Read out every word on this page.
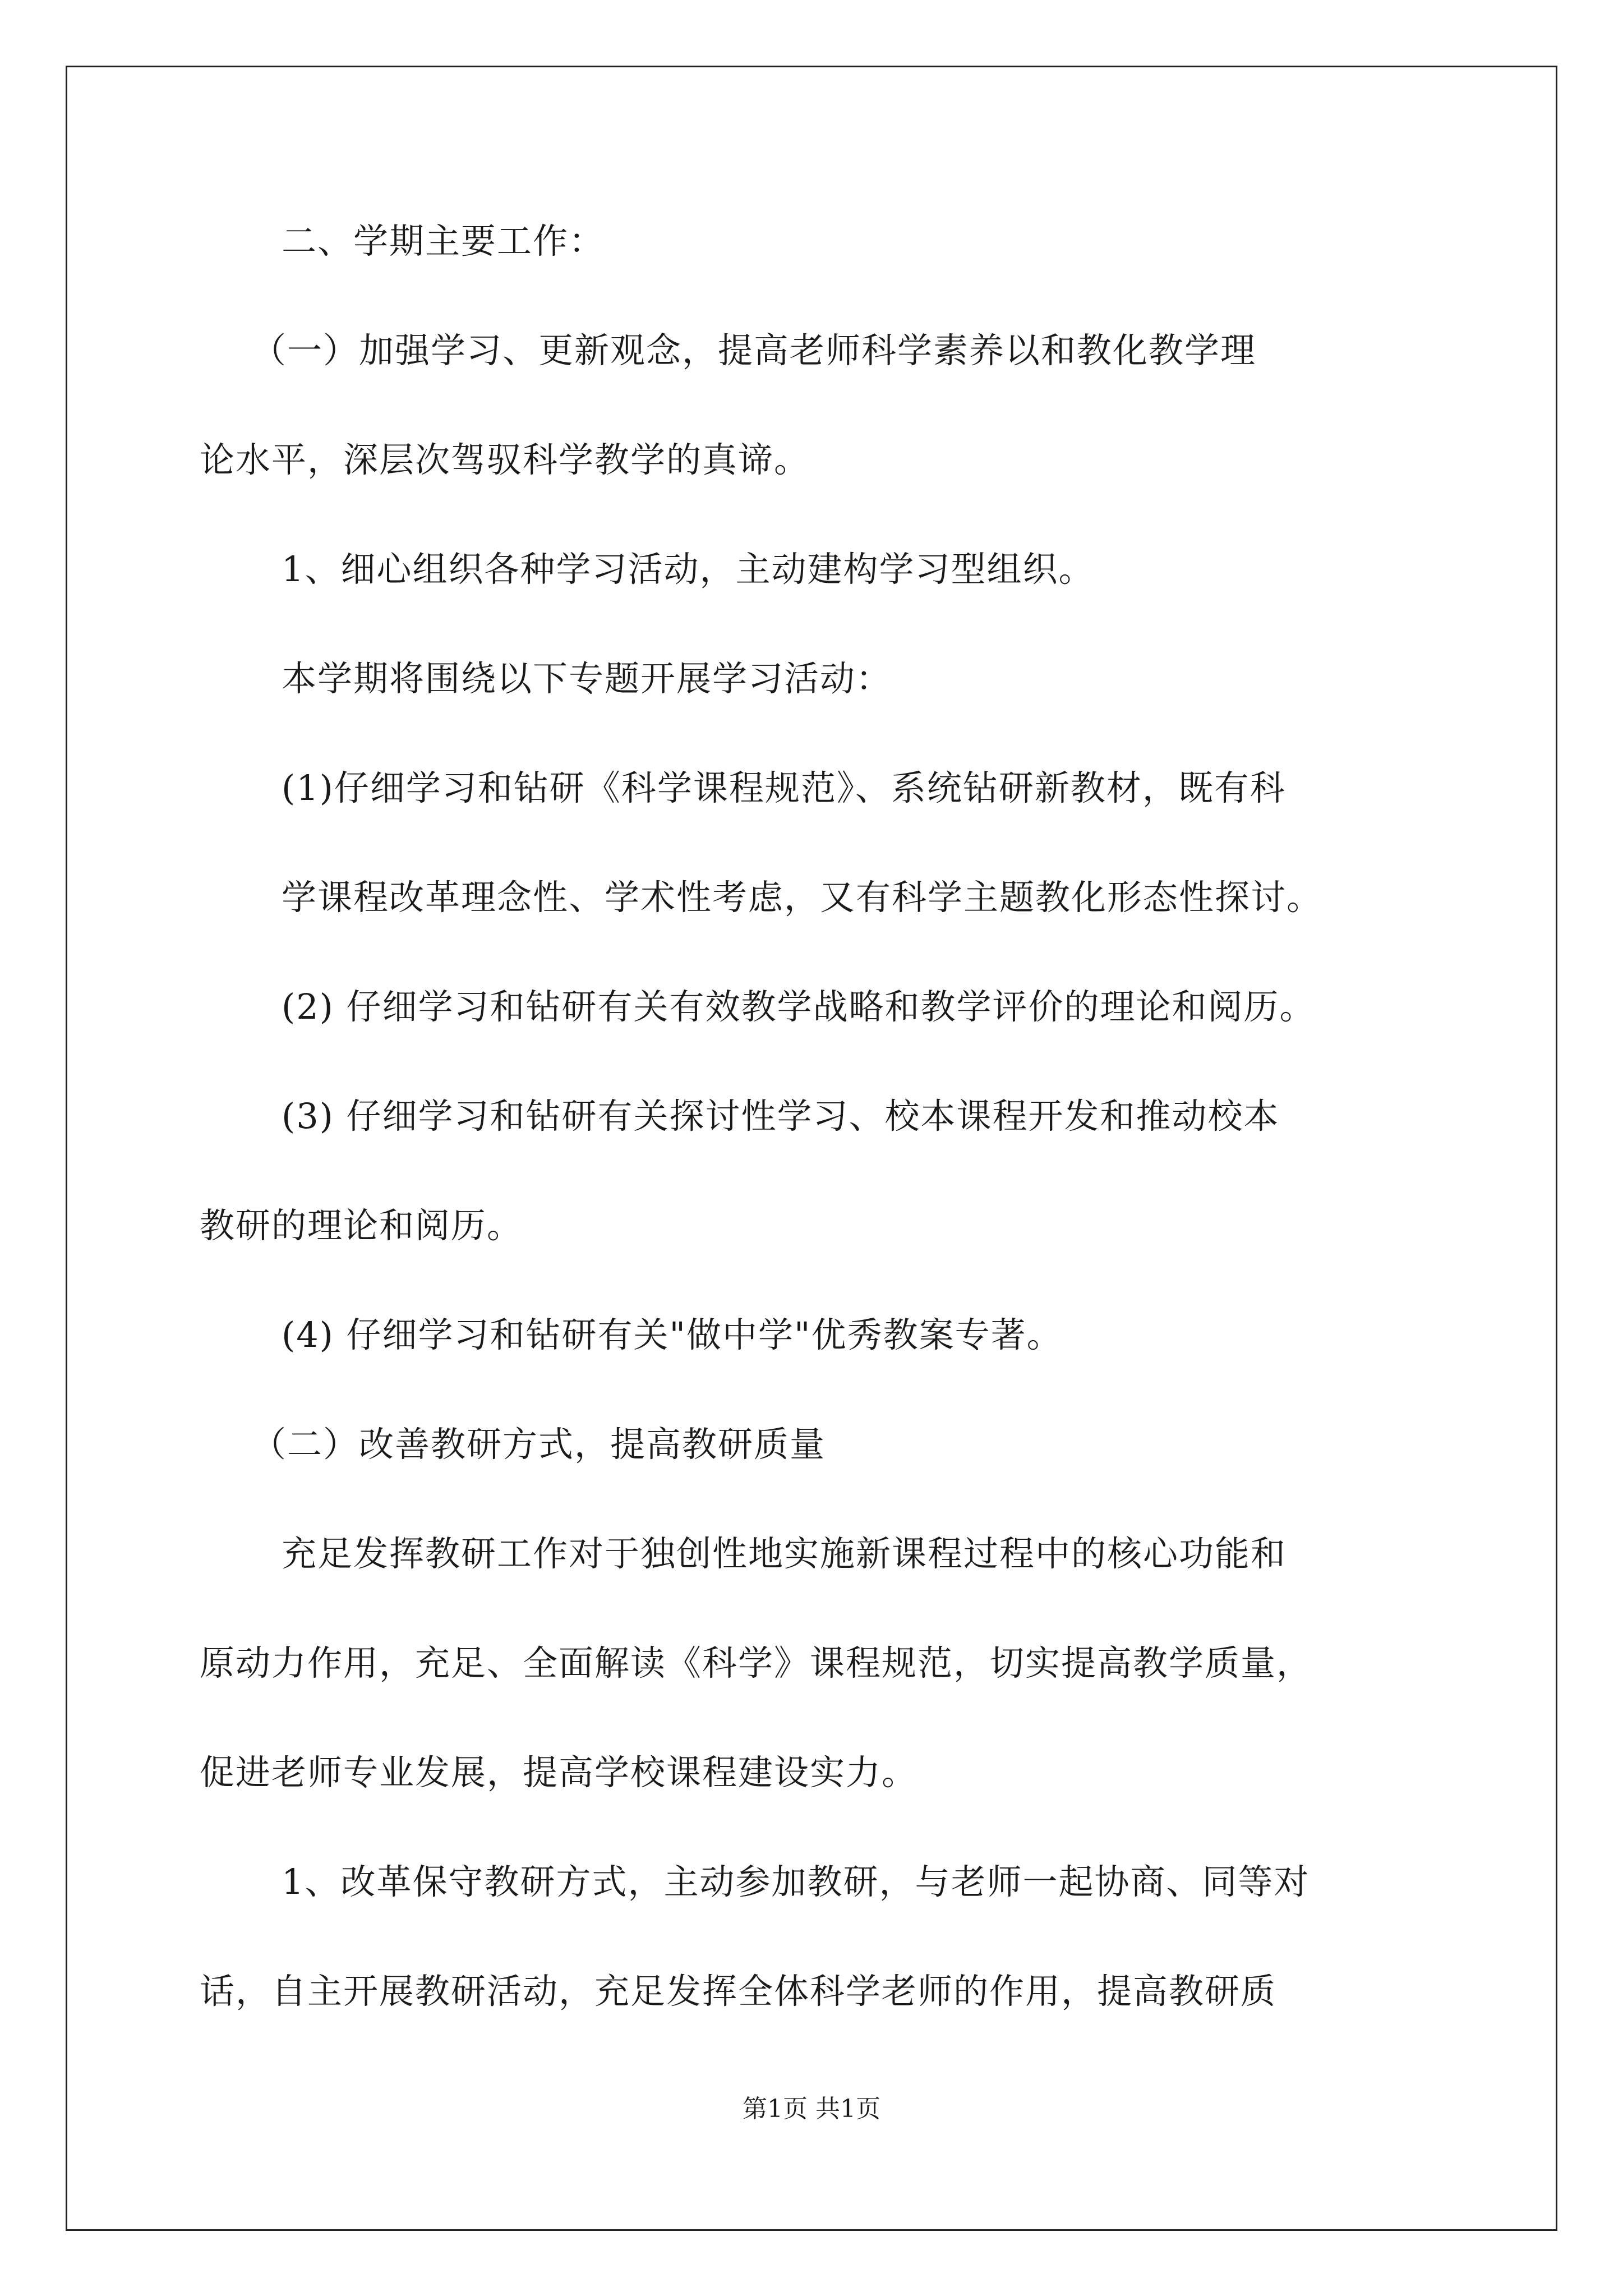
二、学期主要工作：
（一）加强学习、更新观念，提高老师科学素养以和教化教学理
论水平，深层次驾驭科学教学的真谛。
1、细心组织各种学习活动，主动建构学习型组织。
本学期将围绕以下专题开展学习活动：
(1)仔细学习和钻研《科学课程规范》、系统钻研新教材，既有科
学课程改革理念性、学术性考虑，又有科学主题教化形态性探讨。
(2) 仔细学习和钻研有关有效教学战略和教学评价的理论和阅历。
(3) 仔细学习和钻研有关探讨性学习、校本课程开发和推动校本
教研的理论和阅历。
(4) 仔细学习和钻研有关"做中学"优秀教案专著。
（二）改善教研方式，提高教研质量
充足发挥教研工作对于独创性地实施新课程过程中的核心功能和
原动力作用，充足、全面解读《科学》课程规范，切实提高教学质量，
促进老师专业发展，提高学校课程建设实力。
1、改革保守教研方式，主动参加教研，与老师一起协商、同等对
话，自主开展教研活动，充足发挥全体科学老师的作用，提高教研质
第1页 共1页
